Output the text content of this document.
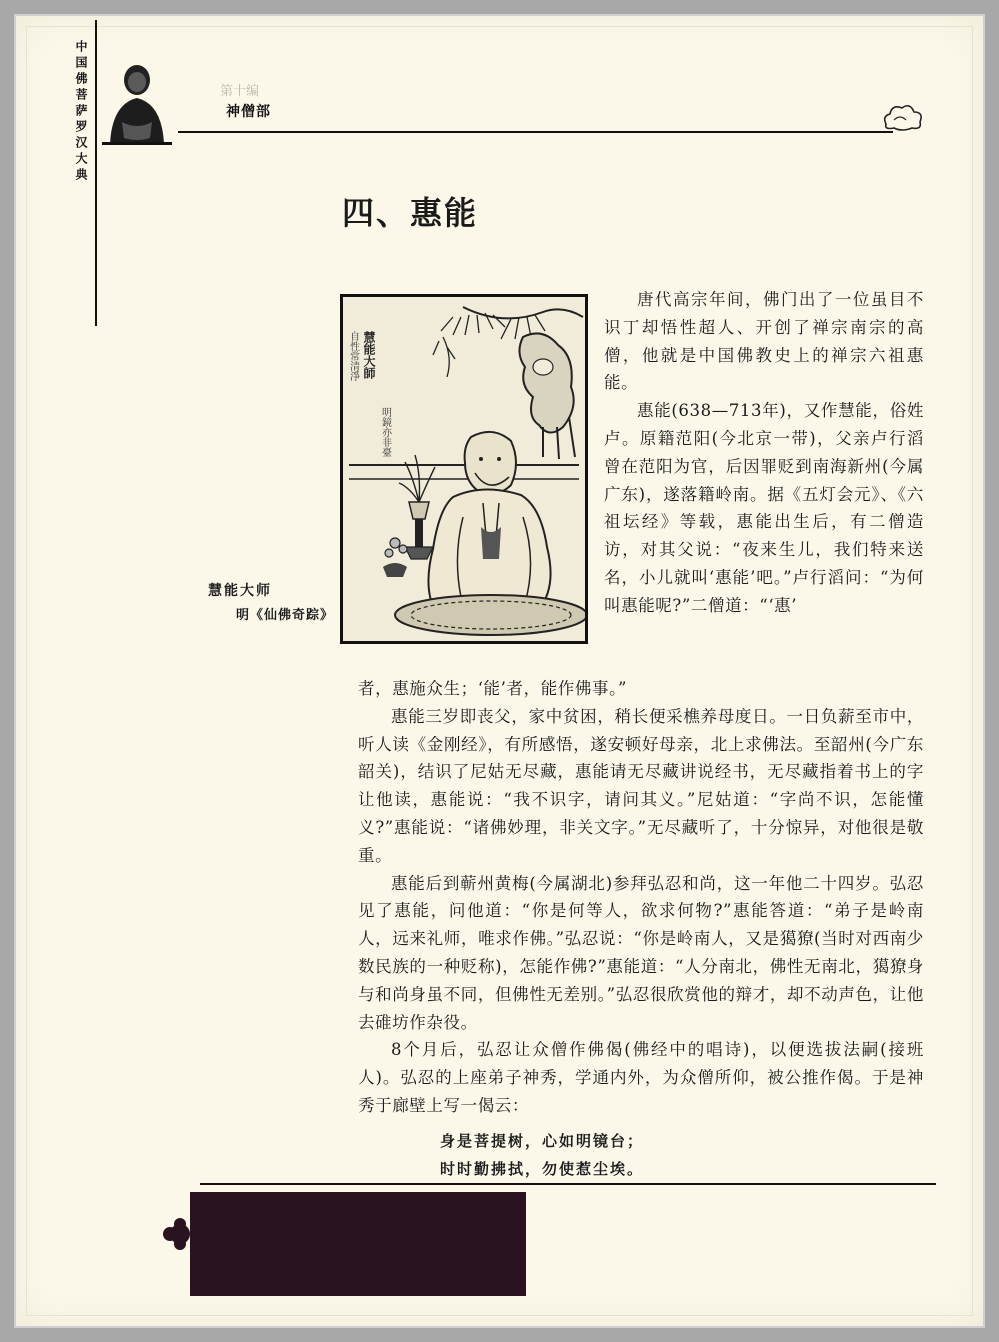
中国佛菩萨罗汉大典	第十编
神僧部
四、惠能
慧能大師
自性常清淨
明鏡亦非臺
慧能大师
明《仙佛奇踪》

唐代高宗年间，佛门出了一位虽目不识丁却悟性超人、开创了禅宗南宗的高僧，他就是中国佛教史上的禅宗六祖惠能。

惠能(638—713年)，又作慧能，俗姓卢。原籍范阳(今北京一带)，父亲卢行滔曾在范阳为官，后因罪贬到南海新州(今属广东)，遂落籍岭南。据《五灯会元》、《六祖坛经》等载，惠能出生后，有二僧造访，对其父说：“夜来生儿，我们特来送名，小儿就叫‘惠能’吧。”卢行滔问：“为何叫惠能呢?”二僧道：“‘惠’

者，惠施众生；‘能’者，能作佛事。”

惠能三岁即丧父，家中贫困，稍长便采樵养母度日。一日负薪至市中，听人读《金刚经》，有所感悟，遂安顿好母亲，北上求佛法。至韶州(今广东韶关)，结识了尼姑无尽藏，惠能请无尽藏讲说经书，无尽藏指着书上的字让他读，惠能说：“我不识字，请问其义。”尼姑道：“字尚不识，怎能懂义?”惠能说：“诸佛妙理，非关文字。”无尽藏听了，十分惊异，对他很是敬重。

惠能后到蕲州黄梅(今属湖北)参拜弘忍和尚，这一年他二十四岁。弘忍见了惠能，问他道：“你是何等人，欲求何物?”惠能答道：“弟子是岭南人，远来礼师，唯求作佛。”弘忍说：“你是岭南人，又是獦獠(当时对西南少数民族的一种贬称)，怎能作佛?”惠能道：“人分南北，佛性无南北，獦獠身与和尚身虽不同，但佛性无差别。”弘忍很欣赏他的辩才，却不动声色，让他去碓坊作杂役。

8个月后，弘忍让众僧作佛偈(佛经中的唱诗)，以便选拔法嗣(接班人)。弘忍的上座弟子神秀，学通内外，为众僧所仰，被公推作偈。于是神秀于廊壁上写一偈云：

身是菩提树，心如明镜台；
时时勤拂拭，勿使惹尘埃。
